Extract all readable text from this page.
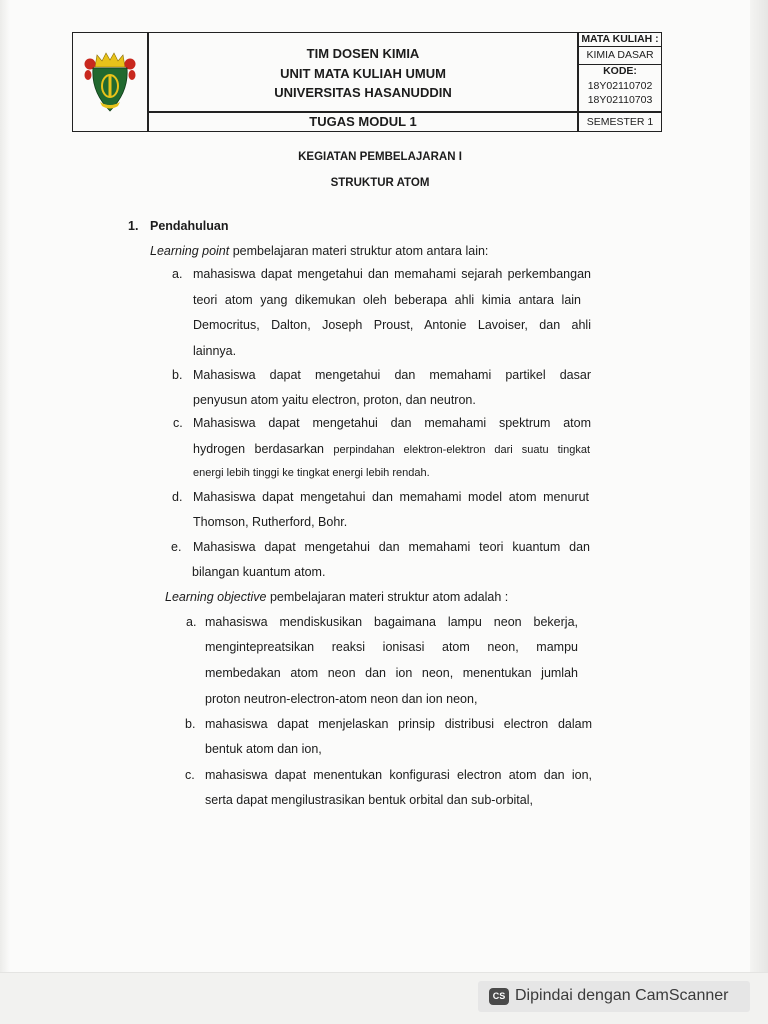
TIM DOSEN KIMIA
UNIT MATA KULIAH UMUM
UNIVERSITAS HASANUDDIN
TUGAS MODUL 1
MATA KULIAH :
KIMIA DASAR
KODE:
18Y02110702
18Y02110703
SEMESTER 1
KEGIATAN PEMBELAJARAN I
STRUKTUR ATOM
1. Pendahuluan
Learning point pembelajaran materi struktur atom antara lain:
a. mahasiswa dapat mengetahui dan memahami sejarah perkembangan
teori atom yang dikemukan oleh beberapa ahli kimia antara lain
Democritus, Dalton, Joseph Proust, Antonie Lavoiser, dan ahli
lainnya.
b. Mahasiswa dapat mengetahui dan memahami partikel dasar
penyusun atom yaitu electron, proton, dan neutron.
c. Mahasiswa dapat mengetahui dan memahami spektrum atom
hydrogen berdasarkan perpindahan elektron-elektron dari suatu tingkat
energi lebih tinggi ke tingkat energi lebih rendah.
d. Mahasiswa dapat mengetahui dan memahami model atom menurut
Thomson, Rutherford, Bohr.
e. Mahasiswa dapat mengetahui dan memahami teori kuantum dan
bilangan kuantum atom.
Learning objective pembelajaran materi struktur atom adalah :
a. mahasiswa mendiskusikan bagaimana lampu neon bekerja,
mengintepreatsikan reaksi ionisasi atom neon, mampu
membedakan atom neon dan ion neon, menentukan jumlah
proton neutron-electron-atom neon dan ion neon,
b. mahasiswa dapat menjelaskan prinsip distribusi electron dalam
bentuk atom dan ion,
c. mahasiswa dapat menentukan konfigurasi electron atom dan ion,
serta dapat mengilustrasikan bentuk orbital dan sub-orbital,
CS Dipindai dengan CamScanner
